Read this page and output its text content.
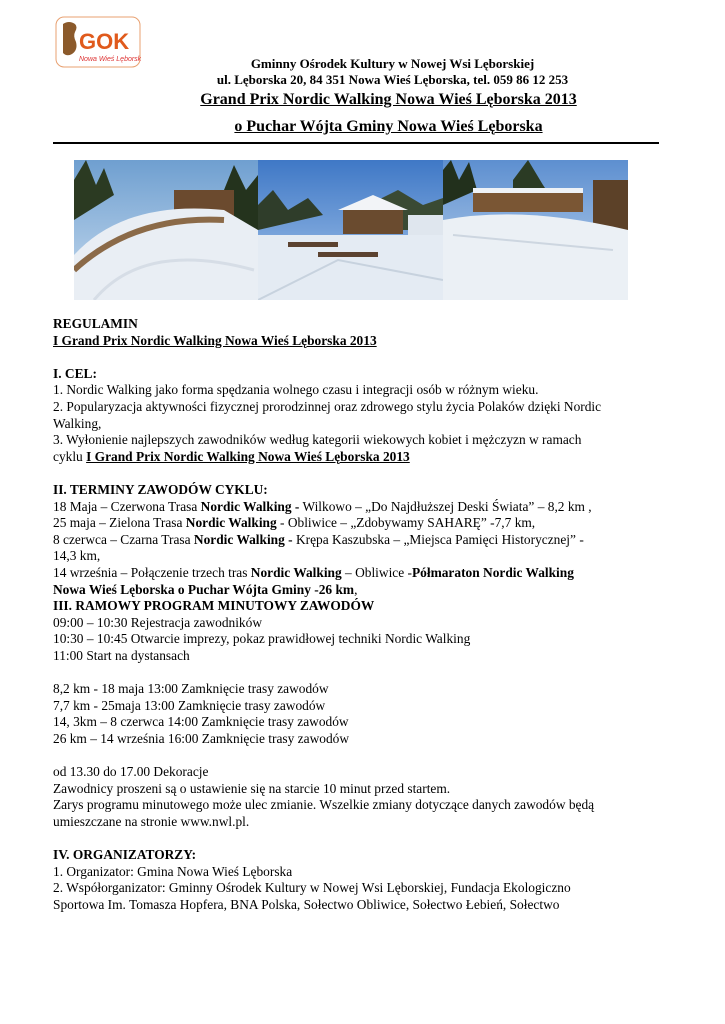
GOK
Nowa Wieś Lęborska	Gminny Ośrodek Kultury w Nowej Wsi Lęborskiej
ul. Lęborska 20, 84 351 Nowa Wieś Lęborska, tel. 059 86 12 253
Grand Prix Nordic Walking Nowa Wieś Lęborska 2013
o Puchar Wójta Gminy Nowa Wieś Lęborska

REGULAMIN

I Grand Prix Nordic Walking Nowa Wieś Lęborska 2013

I. CEL:

1. Nordic Walking jako forma spędzania wolnego czasu i integracji osób w różnym wieku.

2. Popularyzacja aktywności fizycznej prorodzinnej oraz zdrowego stylu życia Polaków dzięki Nordic

Walking,

3. Wyłonienie najlepszych zawodników według kategorii wiekowych kobiet i mężczyzn w ramach

cyklu I Grand Prix Nordic Walking Nowa Wieś Lęborska 2013

II. TERMINY ZAWODÓW CYKLU:

18 Maja – Czerwona Trasa Nordic Walking - Wilkowo – „Do Najdłuższej Deski Świata” – 8,2 km ,

25 maja – Zielona Trasa Nordic Walking - Obliwice – „Zdobywamy SAHARĘ” -7,7 km,

8 czerwca – Czarna Trasa Nordic Walking - Krępa Kaszubska – „Miejsca Pamięci Historycznej” -

14,3 km,

14 września – Połączenie trzech tras Nordic Walking – Obliwice -Półmaraton Nordic Walking

Nowa Wieś Lęborska o Puchar Wójta Gminy -26 km,

III. RAMOWY PROGRAM MINUTOWY ZAWODÓW

09:00 – 10:30 Rejestracja zawodników

10:30 – 10:45 Otwarcie imprezy, pokaz prawidłowej techniki Nordic Walking

11:00 Start na dystansach

8,2 km - 18 maja 13:00 Zamknięcie trasy zawodów

7,7 km - 25maja 13:00 Zamknięcie trasy zawodów

14, 3km – 8 czerwca 14:00 Zamknięcie trasy zawodów

26 km – 14 września 16:00 Zamknięcie trasy zawodów

od 13.30 do 17.00 Dekoracje

Zawodnicy proszeni są o ustawienie się na starcie 10 minut przed startem.

Zarys programu minutowego może ulec zmianie. Wszelkie zmiany dotyczące danych zawodów będą

umieszczane na stronie www.nwl.pl.

IV. ORGANIZATORZY:

1. Organizator: Gmina Nowa Wieś Lęborska

2. Współorganizator: Gminny Ośrodek Kultury w Nowej Wsi Lęborskiej, Fundacja Ekologiczno

Sportowa Im. Tomasza Hopfera, BNA Polska, Sołectwo Obliwice, Sołectwo Łebień, Sołectwo
